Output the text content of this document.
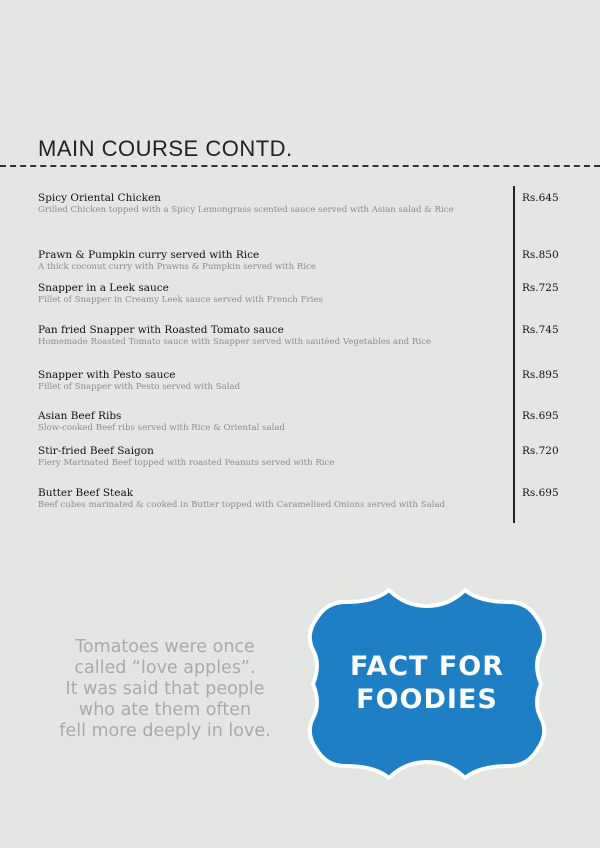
MAIN COURSE CONTD.
Spicy Oriental Chicken
Grilled Chicken topped with a Spicy Lemongrass scented sauce served with Asian salad & Rice
Rs.645
Prawn & Pumpkin curry served with Rice
A thick coconut curry with Prawns & Pumpkin served with Rice
Rs.850
Snapper in a Leek sauce
Fillet of Snapper in Creamy Leek sauce served with French Fries
Rs.725
Pan fried Snapper with Roasted Tomato sauce
Homemade Roasted Tomato sauce with Snapper served with sautéed Vegetables and Rice
Rs.745
Snapper with Pesto sauce
Fillet of Snapper with Pesto served with Salad
Rs.895
Asian Beef Ribs
Slow-cooked Beef ribs served with Rice & Oriental salad
Rs.695
Stir-fried Beef Saigon
Fiery Marinated Beef topped with roasted Peanuts served with Rice
Rs.720
Butter Beef Steak
Beef cubes marinated & cooked in Butter topped with Caramelised Onions served with Salad
Rs.695
Tomatoes were once
called “love apples”.
It was said that people
who ate them often
fell more deeply in love.
FACT FOR
FOODIES
